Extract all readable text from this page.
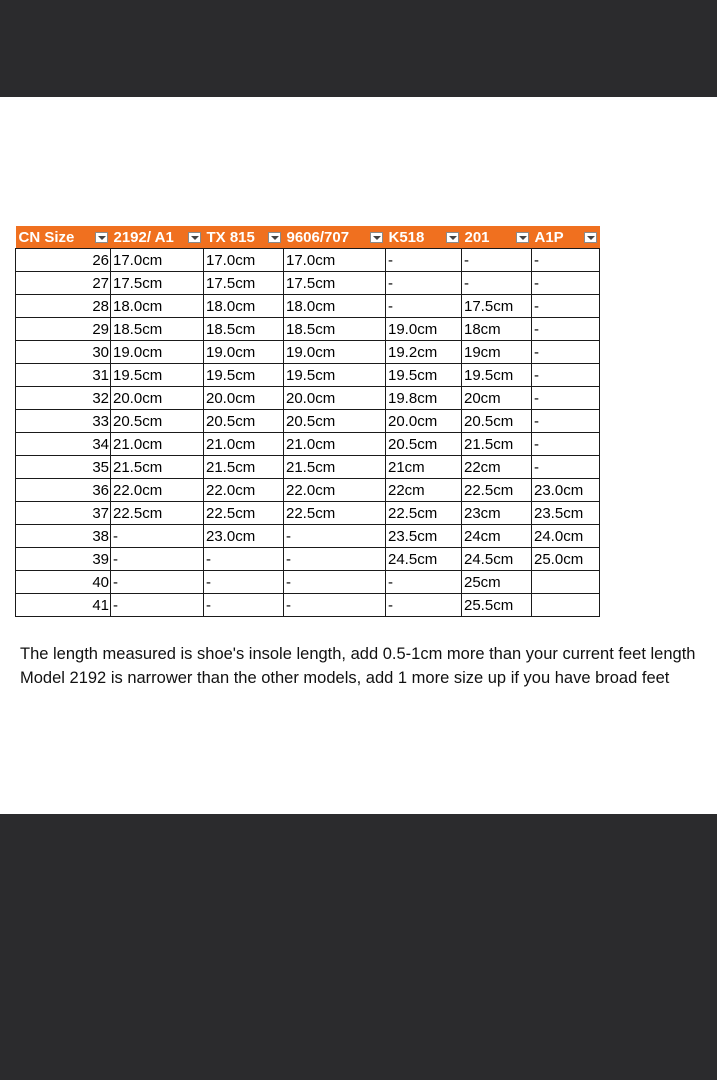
CN Size	2192/ A1	TX 815	9606/707	K518	201	A1P

26	17.0cm	17.0cm	17.0cm	-	-	-
27	17.5cm	17.5cm	17.5cm	-	-	-
28	18.0cm	18.0cm	18.0cm	-	17.5cm	-
29	18.5cm	18.5cm	18.5cm	19.0cm	18cm	-
30	19.0cm	19.0cm	19.0cm	19.2cm	19cm	-
31	19.5cm	19.5cm	19.5cm	19.5cm	19.5cm	-
32	20.0cm	20.0cm	20.0cm	19.8cm	20cm	-
33	20.5cm	20.5cm	20.5cm	20.0cm	20.5cm	-
34	21.0cm	21.0cm	21.0cm	20.5cm	21.5cm	-
35	21.5cm	21.5cm	21.5cm	21cm	22cm	-
36	22.0cm	22.0cm	22.0cm	22cm	22.5cm	23.0cm
37	22.5cm	22.5cm	22.5cm	22.5cm	23cm	23.5cm
38	-	23.0cm	-	23.5cm	24cm	24.0cm
39	-	-	-	24.5cm	24.5cm	25.0cm
40	-	-	-	-	25cm	
41	-	-	-	-	25.5cm	
The length measured is shoe's insole length, add 0.5-1cm more than your current feet length
Model 2192 is narrower than the other models, add 1 more size up if you have broad feet
